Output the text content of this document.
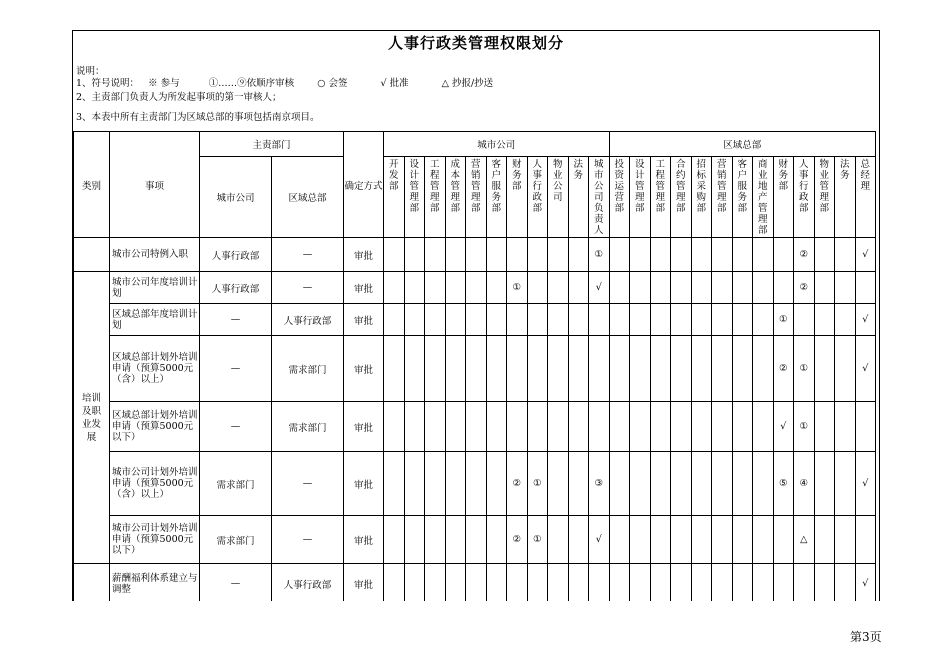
人事行政类管理权限划分
说明：
1、符号说明： ※ 参与	①……⑨依顺序审核 ○ 会签	√ 批准	△ 抄报/抄送
2、主责部门负责人为所发起事项的第一审核人；
3、本表中所有主责部门为区域总部的事项包括南京项目。
类别	事项	主责部门		确定方式	城市公司											区域总部												
		城市公司	区域总部		开发部	设计管理部	工程管理部	成本管理部	营销管理部	客户服务部	财务部	人事行政部	物业公司	法务	城市公司负责人	投资运营部	设计管理部	工程管理部	合约管理部	招标采购部	营销管理部	客户服务部	商业地产管理部	财务部	人事行政部	物业管理部	法务	总经理

	城市公司特例入职	人事行政部	—	审批											①										②			√
培训及职业发展	城市公司年度培训计划	人事行政部	—	审批							①				√										②			
	区域总部年度培训计划	—	人事行政部	审批																				①				√
	区域总部计划外培训申请（预算5000元（含）以上）	—	需求部门	审批																				②	①			√
	区域总部计划外培训申请（预算5000元以下）	—	需求部门	审批																				√	①			
	城市公司计划外培训申请（预算5000元（含）以上）	需求部门	—	审批							②	①			③									⑤	④			√
	城市公司计划外培训申请（预算5000元以下）	需求部门	—	审批							②	①			√										△			
	薪酬福利体系建立与调整	—	人事行政部	审批																								√
第3页
